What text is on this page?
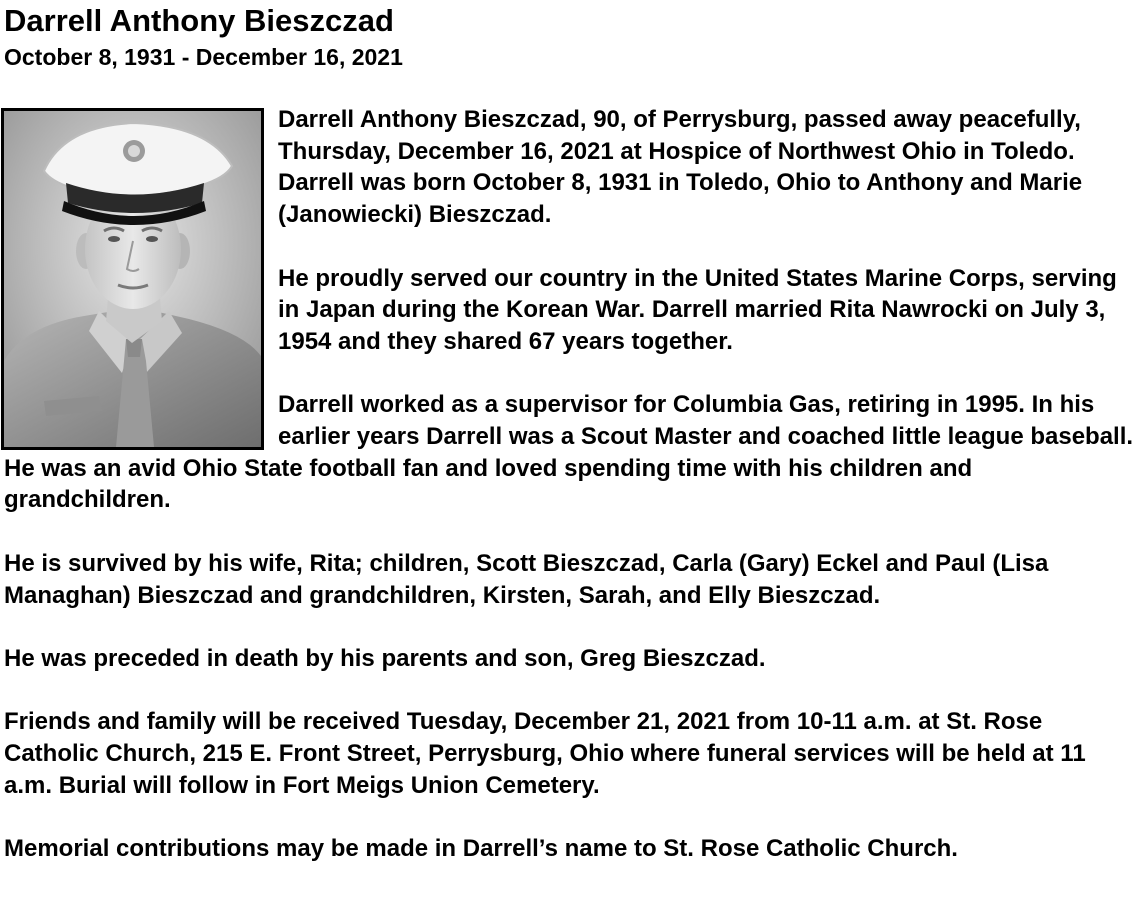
Darrell Anthony Bieszczad
October 8, 1931 - December 16, 2021

Darrell Anthony Bieszczad, 90, of Perrysburg, passed away peacefully, Thursday, December 16, 2021 at Hospice of Northwest Ohio in Toledo. Darrell was born October 8, 1931 in Toledo, Ohio to Anthony and Marie (Janowiecki) Bieszczad.

He proudly served our country in the United States Marine Corps, serving in Japan during the Korean War. Darrell married Rita Nawrocki on July 3, 1954 and they shared 67 years together.

Darrell worked as a supervisor for Columbia Gas, retiring in 1995. In his earlier years Darrell was a Scout Master and coached little league baseball. He was an avid Ohio State football fan and loved spending time with his children and grandchildren.

He is survived by his wife, Rita; children, Scott Bieszczad, Carla (Gary) Eckel and Paul (Lisa Managhan) Bieszczad and grandchildren, Kirsten, Sarah, and Elly Bieszczad.

He was preceded in death by his parents and son, Greg Bieszczad.

Friends and family will be received Tuesday, December 21, 2021 from 10-11 a.m. at St. Rose Catholic Church, 215 E. Front Street, Perrysburg, Ohio where funeral services will be held at 11 a.m. Burial will follow in Fort Meigs Union Cemetery.

Memorial contributions may be made in Darrell’s name to St. Rose Catholic Church.
